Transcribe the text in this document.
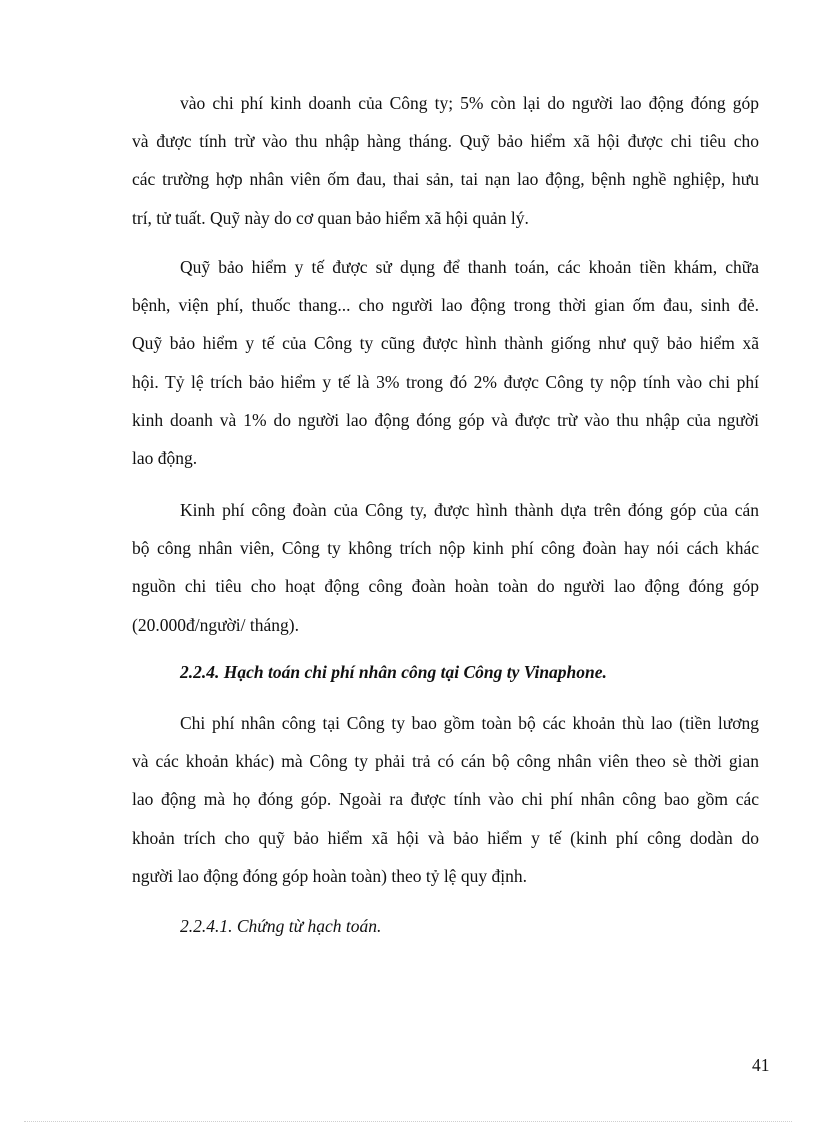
vào chi phí kinh doanh của Công ty; 5% còn lại do người lao động đóng góp
và được tính trừ vào thu nhập hàng tháng. Quỹ bảo hiểm xã hội được chi tiêu cho
các trường hợp nhân viên ốm đau, thai sản, tai nạn lao động, bệnh nghề nghiệp, hưu
trí, tử tuất. Quỹ này do cơ quan bảo hiểm xã hội quản lý.
Quỹ bảo hiểm y tế được sử dụng để thanh toán, các khoản tiền khám, chữa
bệnh, viện phí, thuốc thang... cho người lao động trong thời gian ốm đau, sinh đẻ.
Quỹ bảo hiểm y tế của Công ty cũng được hình thành giống như quỹ bảo hiểm xã
hội. Tỷ lệ trích bảo hiểm y tế là 3% trong đó 2% được Công ty nộp tính vào chi phí
kinh doanh và 1% do người lao động đóng góp và được trừ vào thu nhập của người
lao động.
Kinh phí công đoàn của Công ty, được hình thành dựa trên đóng góp của cán
bộ công nhân viên, Công ty không trích nộp kinh phí công đoàn hay nói cách khác
nguồn chi tiêu cho hoạt động công đoàn hoàn toàn do người lao động đóng góp
(20.000đ/người/ tháng).
2.2.4. Hạch toán chi phí nhân công tại Công ty Vinaphone.
Chi phí nhân công tại Công ty bao gồm toàn bộ các khoản thù lao (tiền lương
và các khoản khác) mà Công ty phải trả có cán bộ công nhân viên theo sè thời gian
lao động mà họ đóng góp. Ngoài ra được tính vào chi phí nhân công bao gồm các
khoản trích cho quỹ bảo hiểm xã hội và bảo hiểm y tế (kinh phí công dodàn do
người lao động đóng góp hoàn toàn) theo tỷ lệ quy định.
2.2.4.1. Chứng từ hạch toán.
41
